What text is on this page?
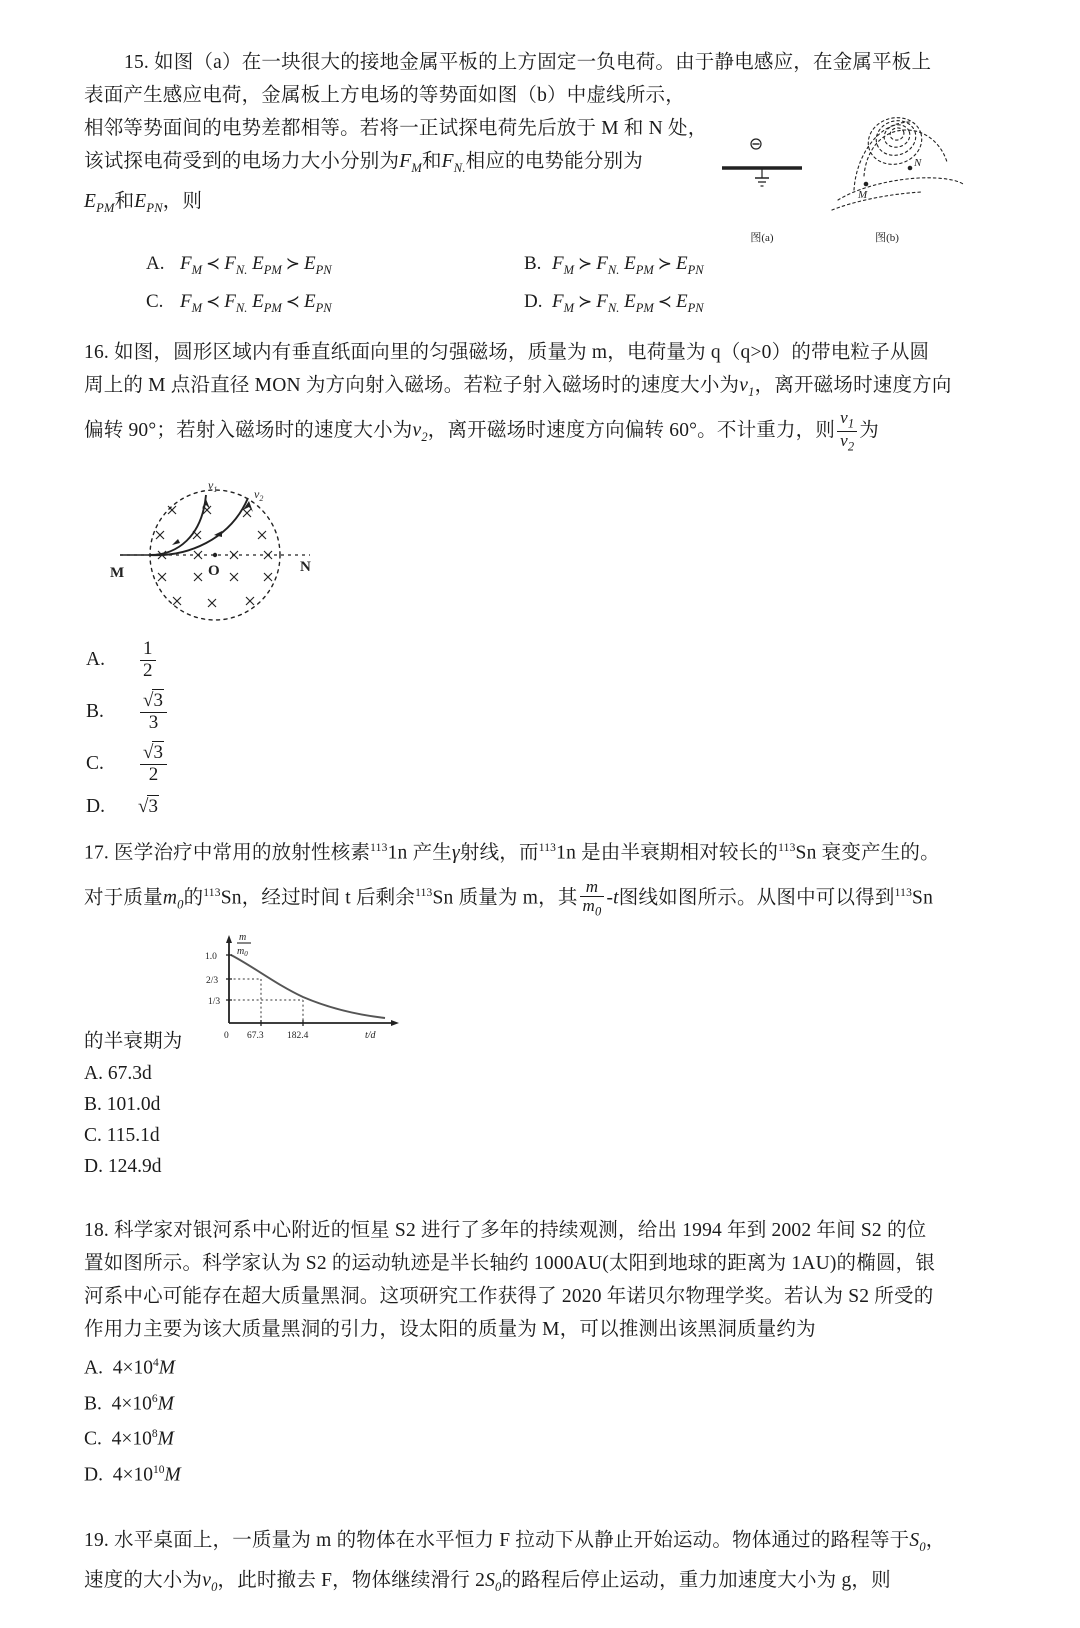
15. 如图（a）在一块很大的接地金属平板的上方固定一负电荷。由于静电感应，在金属平板上
表面产生感应电荷，金属板上方电场的等势面如图（b）中虚线所示，
相邻等势面间的电势差都相等。若将一正试探电荷先后放于 M 和 N 处，
该试探电荷受到的电场力大小分别为$F_M$和$F_{N.}$相应的电势能分别为
$E_{PM}$和$E_{PN}$，则	M
N
图(a)	图(b)
A. $F_M$ ≺ $F_{N.}$ $E_{PM}$ ≻ $E_{PN}$	B. $F_M$ ≻ $F_{N.}$ $E_{PM}$ ≻ $E_{PN}$
C. $F_M$ ≺ $F_{N.}$ $E_{PM}$ ≺ $E_{PN}$	D. $F_M$ ≻ $F_{N.}$ $E_{PM}$ ≺ $E_{PN}$
16. 如图，圆形区域内有垂直纸面向里的匀强磁场，质量为 m，电荷量为 q（q>0）的带电粒子从圆
周上的 M 点沿直径 MON 为方向射入磁场。若粒子射入磁场时的速度大小为$v_1$，离开磁场时速度方向
偏转 90°；若射入磁场时的速度大小为$v_2$，离开磁场时速度方向偏转 60°。不计重力，则 $\frac{v_1}{v_2}$ 为
$v_1$	$v_2$
M	O	N
A.	$\frac{1}{2}$
B.	$\frac{√3}{3}$
C.	$\frac{√3}{2}$
D.	√3
17. 医学治疗中常用的放射性核素$^{113}$1n 产生γ射线，而$^{113}$1n 是由半衰期相对较长的$^{113}$Sn 衰变产生的。
对于质量$m_0$的$^{113}$Sn，经过时间 t 后剩余$^{113}$Sn 质量为 m，其 $\frac{m}{m_0} -t$图线如图所示。从图中可以得到$^{113}$Sn
1.0
2/3
1/3
0 67.3 182.4	t/d
m
$m_0$
的半衰期为
A. 67.3d
B. 101.0d
C. 115.1d
D. 124.9d
18. 科学家对银河系中心附近的恒星 S2 进行了多年的持续观测，给出 1994 年到 2002 年间 S2 的位
置如图所示。科学家认为 S2 的运动轨迹是半长轴约 1000AU(太阳到地球的距离为 1AU)的椭圆，银
河系中心可能存在超大质量黑洞。这项研究工作获得了 2020 年诺贝尔物理学奖。若认为 S2 所受的
作用力主要为该大质量黑洞的引力，设太阳的质量为 M，可以推测出该黑洞质量约为
A. $4\times 10^4M$
B. $4\times 10^6M$
C. $4\times 10^8M$
D. $4\times 10^{10}M$
19. 水平桌面上，一质量为 m 的物体在水平恒力 F 拉动下从静止开始运动。物体通过的路程等于$S_0$，
速度的大小为$v_0$，此时撤去 F，物体继续滑行 $2S_0$的路程后停止运动，重力加速度大小为 g，则
